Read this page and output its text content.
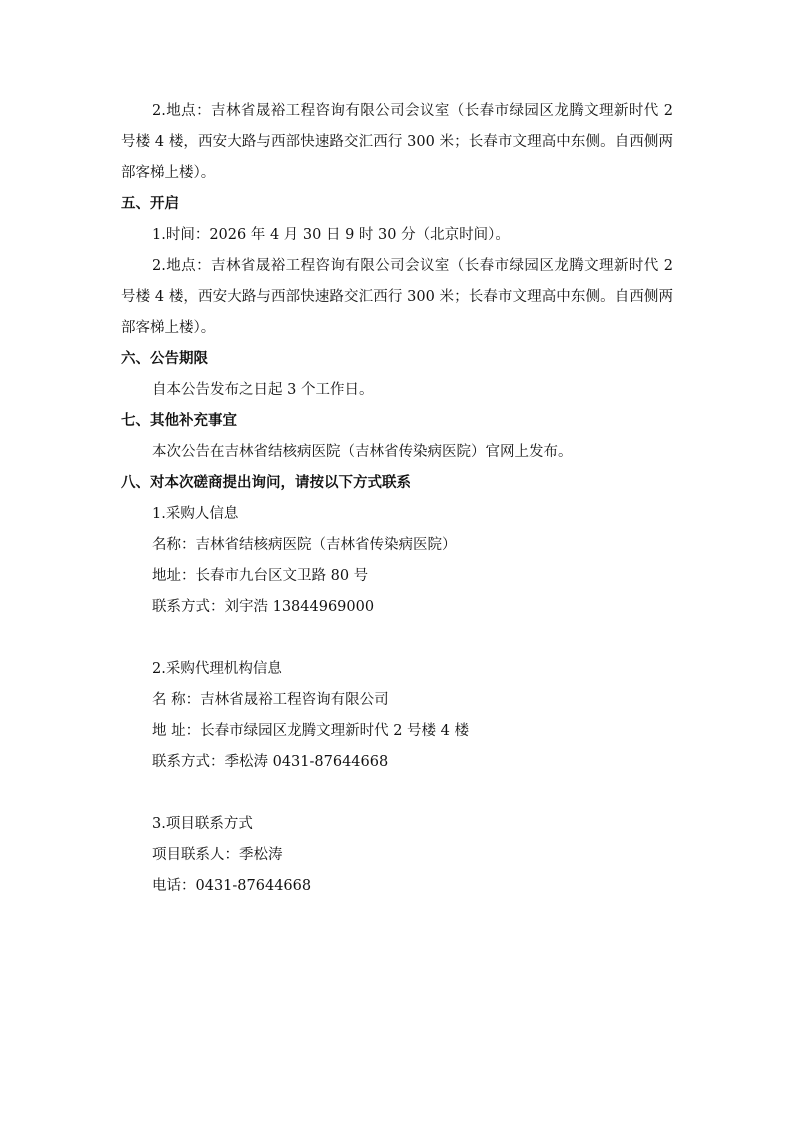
2.地点：吉林省晟裕工程咨询有限公司会议室（长春市绿园区龙腾文理新时代 2 号楼 4 楼，西安大路与西部快速路交汇西行 300 米；长春市文理高中东侧。自西侧两部客梯上楼）。

五、开启

1.时间：2026 年 4 月 30 日 9 时 30 分（北京时间）。

2.地点：吉林省晟裕工程咨询有限公司会议室（长春市绿园区龙腾文理新时代 2 号楼 4 楼，西安大路与西部快速路交汇西行 300 米；长春市文理高中东侧。自西侧两部客梯上楼）。

六、公告期限

自本公告发布之日起 3 个工作日。

七、其他补充事宜

本次公告在吉林省结核病医院（吉林省传染病医院）官网上发布。

八、对本次磋商提出询问，请按以下方式联系

1.采购人信息

名称：吉林省结核病医院（吉林省传染病医院）

地址：长春市九台区文卫路 80 号

联系方式：刘宇浩 13844969000

2.采购代理机构信息

名 称：吉林省晟裕工程咨询有限公司

地 址：长春市绿园区龙腾文理新时代 2 号楼 4 楼

联系方式：季松涛 0431-87644668

3.项目联系方式

项目联系人：季松涛

电话：0431-87644668
